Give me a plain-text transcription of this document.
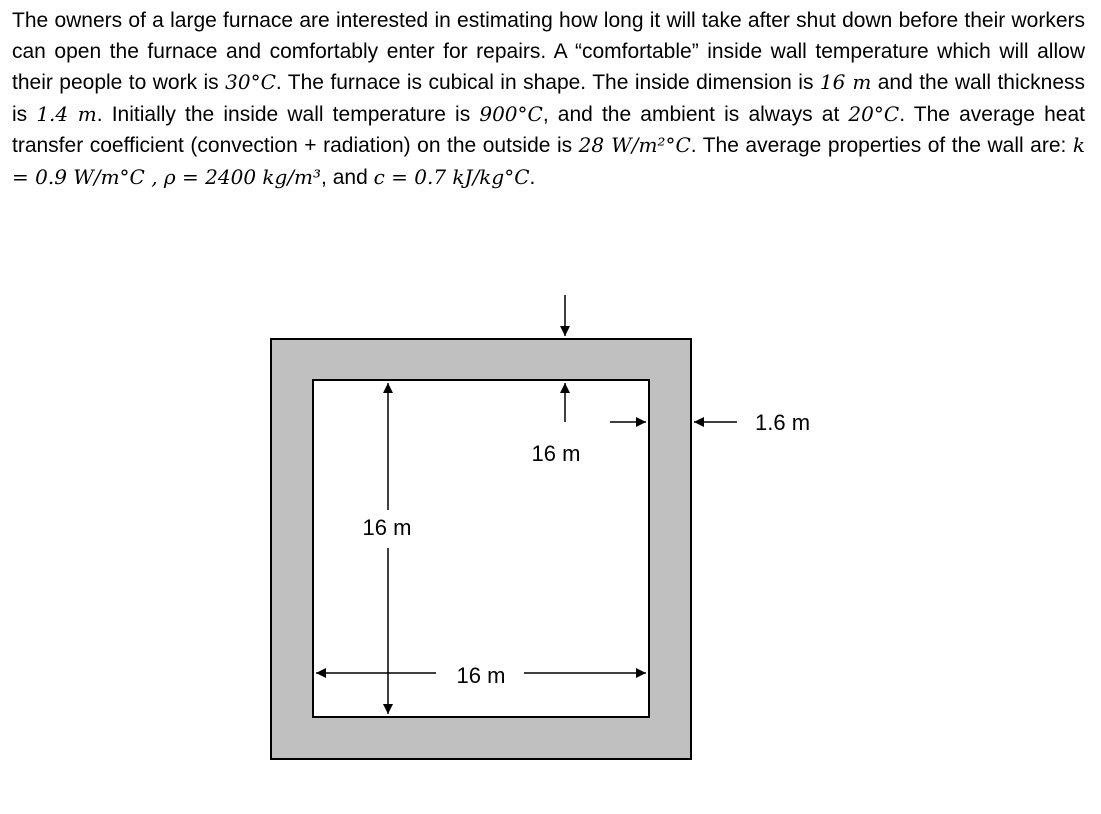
The owners of a large furnace are interested in estimating how long it will take after shut down before their workers can open the furnace and comfortably enter for repairs. A “comfortable” inside wall temperature which will allow their people to work is 30°C. The furnace is cubical in shape. The inside dimension is 16 m and the wall thickness is 1.4 m. Initially the inside wall temperature is 900°C, and the ambient is always at 20°C. The average heat transfer coefficient (convection + radiation) on the outside is 28 W/m²°C. The average properties of the wall are: k = 0.9 W/m°C , ρ = 2400 kg/m³, and c = 0.7 kJ/kg°C.

16 m
16 m
16 m
1.6 m
